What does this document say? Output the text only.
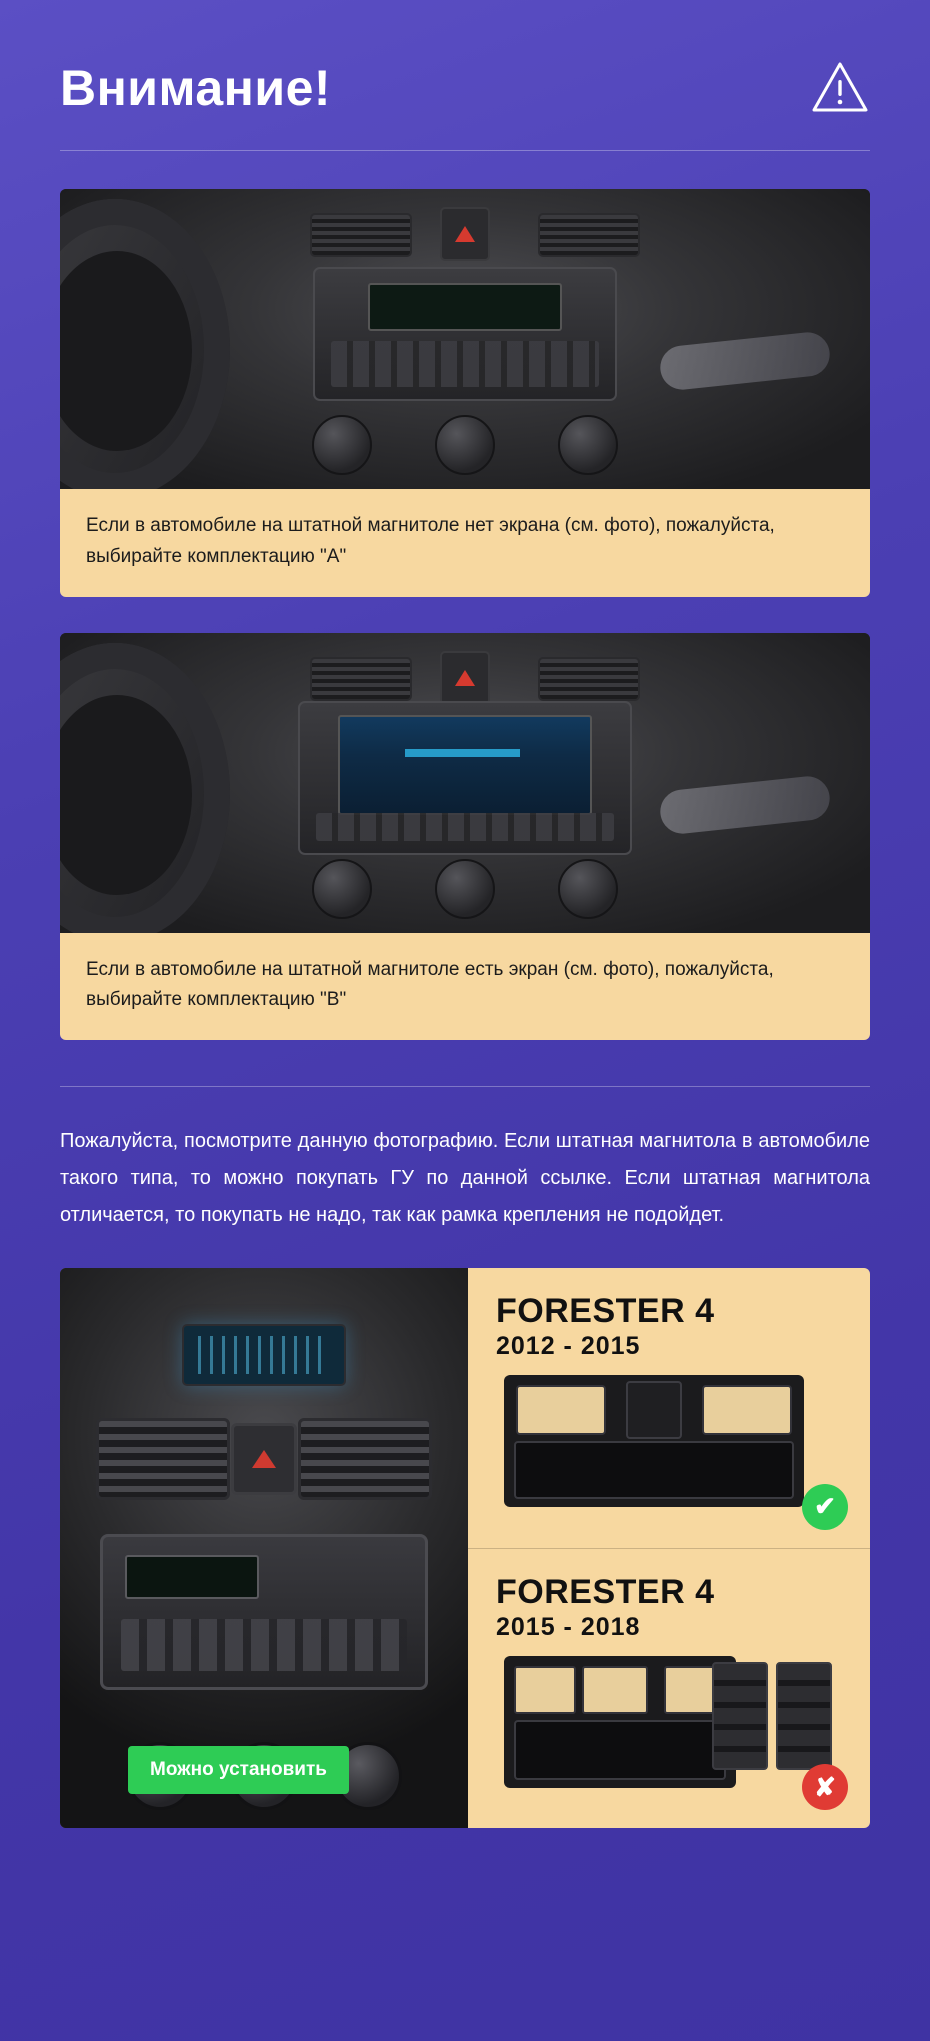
Внимание!
Если в автомобиле на штатной магнитоле нет экрана (см. фото), пожалуйста, выбирайте комплектацию "A"
Если в автомобиле на штатной магнитоле есть экран (см. фото), пожалуйста, выбирайте комплектацию "B"

Пожалуйста, посмотрите данную фотографию. Если штатная магнитола в автомобиле такого типа, то можно покупать ГУ по данной ссылке. Если штатная магнитола отличается, то покупать не надо, так как рамка крепления не подойдет.

Можно установить
FORESTER 4
2012 - 2015
✔
FORESTER 4
2015 - 2018
✘
